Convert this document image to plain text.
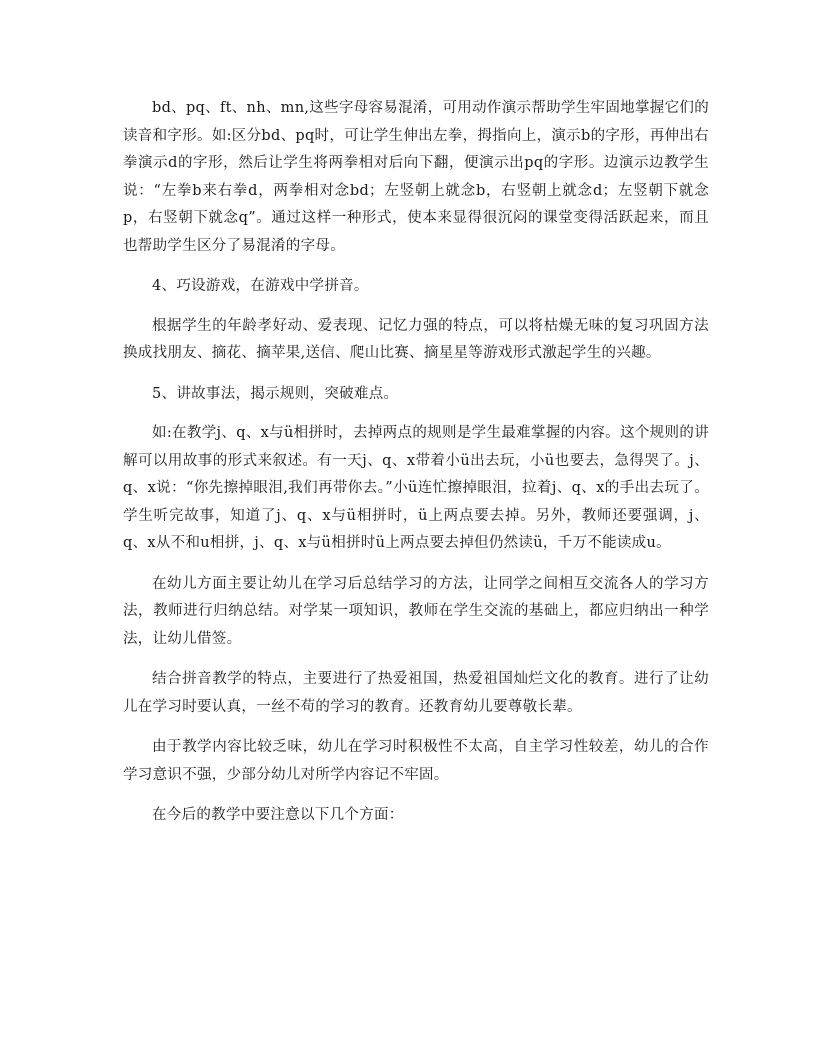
bd、pq、ft、nh、mn,这些字母容易混淆，可用动作演示帮助学生牢固地掌握它们的读音和字形。如:区分bd、pq时，可让学生伸出左拳，拇指向上，演示b的字形，再伸出右拳演示d的字形，然后让学生将两拳相对后向下翻，便演示出pq的字形。边演示边教学生说：“左拳b来右拳d，两拳相对念bd；左竖朝上就念b，右竖朝上就念d；左竖朝下就念p，右竖朝下就念q”。通过这样一种形式，使本来显得很沉闷的课堂变得活跃起来，而且也帮助学生区分了易混淆的字母。

4、巧设游戏，在游戏中学拼音。

根据学生的年龄孝好动、爱表现、记忆力强的特点，可以将枯燥无味的复习巩固方法换成找朋友、摘花、摘苹果,送信、爬山比赛、摘星星等游戏形式激起学生的兴趣。

5、讲故事法，揭示规则，突破难点。

如:在教学j、q、x与ü相拼时，去掉两点的规则是学生最难掌握的内容。这个规则的讲解可以用故事的形式来叙述。有一天j、q、x带着小ü出去玩，小ü也要去，急得哭了。j、q、x说：“你先擦掉眼泪,我们再带你去。”小ü连忙擦掉眼泪，拉着j、q、x的手出去玩了。学生听完故事，知道了j、q、x与ü相拼时，ü上两点要去掉。另外，教师还要强调，j、q、x从不和u相拼，j、q、x与ü相拼时ü上两点要去掉但仍然读ü，千万不能读成u。

在幼儿方面主要让幼儿在学习后总结学习的方法，让同学之间相互交流各人的学习方法，教师进行归纳总结。对学某一项知识，教师在学生交流的基础上，都应归纳出一种学法，让幼儿借签。

结合拼音教学的特点，主要进行了热爱祖国，热爱祖国灿烂文化的教育。进行了让幼儿在学习时要认真，一丝不苟的学习的教育。还教育幼儿要尊敬长辈。

由于教学内容比较乏味，幼儿在学习时积极性不太高，自主学习性较差，幼儿的合作学习意识不强，少部分幼儿对所学内容记不牢固。

在今后的教学中要注意以下几个方面：
